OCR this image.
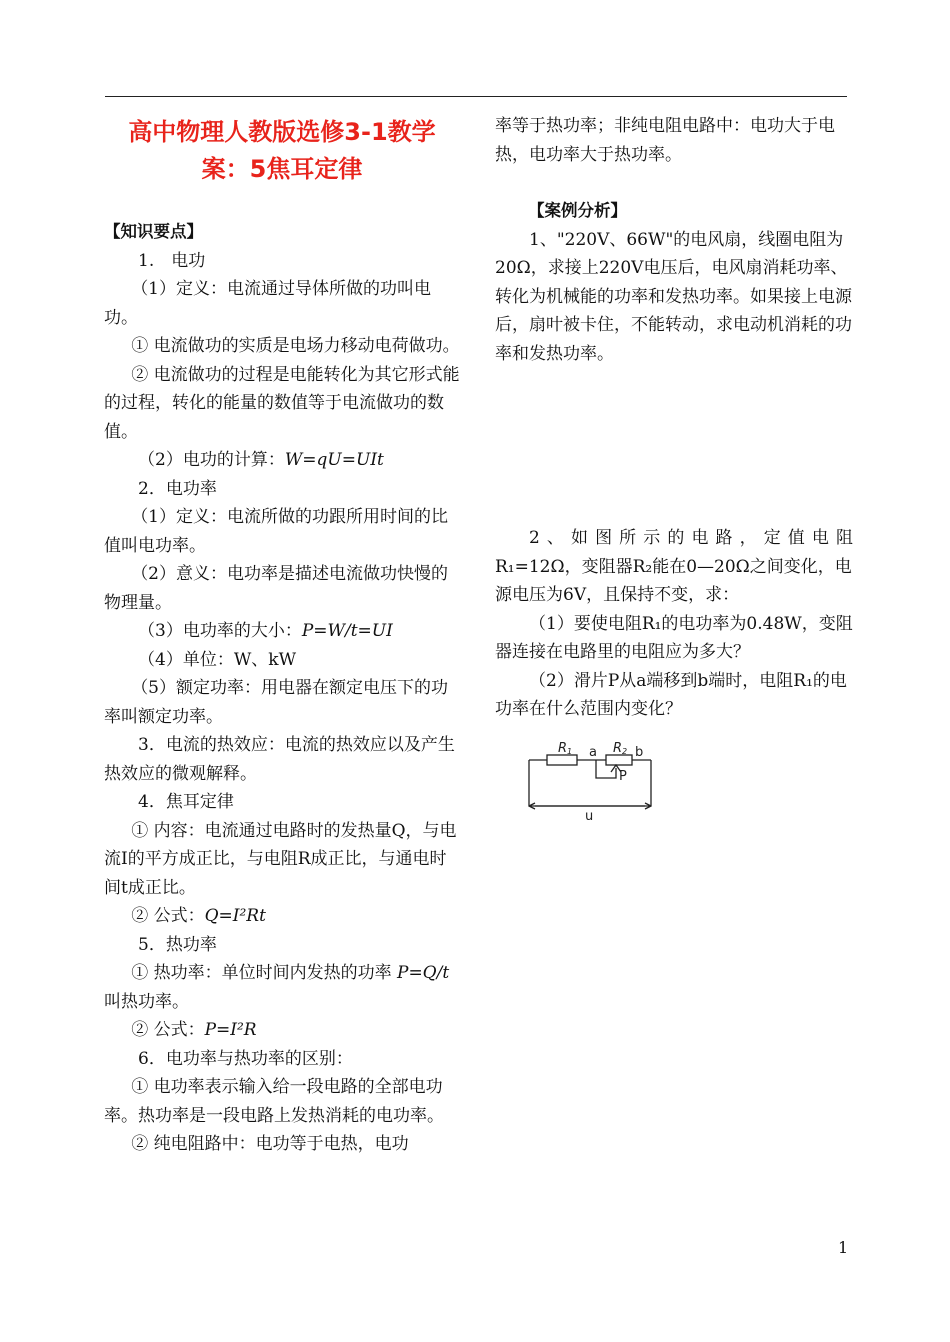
高中物理人教版选修3-1教学

案：5焦耳定律

【知识要点】

1.　电功

（1）定义：电流通过导体所做的功叫电功。

① 电流做功的实质是电场力移动电荷做功。

② 电流做功的过程是电能转化为其它形式能的过程，转化的能量的数值等于电流做功的数值。

（2）电功的计算：W=qU=UIt

2．电功率

（1）定义：电流所做的功跟所用时间的比值叫电功率。

（2）意义：电功率是描述电流做功快慢的物理量。

（3）电功率的大小：P=W/t=UI

（4）单位：W、kW

（5）额定功率：用电器在额定电压下的功率叫额定功率。

3．电流的热效应：电流的热效应以及产生热效应的微观解释。

4．焦耳定律

① 内容：电流通过电路时的发热量Q，与电流I的平方成正比，与电阻R成正比，与通电时间t成正比。

② 公式：Q=I²Rt

5．热功率

① 热功率：单位时间内发热的功率 P=Q/t叫热功率。

② 公式：P=I²R

6．电功率与热功率的区别：

① 电功率表示输入给一段电路的全部电功率。热功率是一段电路上发热消耗的电功率。

② 纯电阻路中：电功等于电热，电功

率等于热功率；非纯电阻电路中：电功大于电热，电功率大于热功率。

【案例分析】

1、"220V、66W"的电风扇，线圈电阻为20Ω，求接上220V电压后，电风扇消耗功率、转化为机械能的功率和发热功率。如果接上电源后，扇叶被卡住，不能转动，求电动机消耗的功率和发热功率。

2、如图所示的电路，定值电阻

R₁=12Ω，变阻器R₂能在0—20Ω之间变化，电源电压为6V，且保持不变，求：

（1）要使电阻R₁的电功率为0.48W，变阻器连接在电路里的电阻应为多大？

（2）滑片P从a端移到b端时，电阻R₁的电功率在什么范围内变化？

R1 a R2 b
P
u
1
